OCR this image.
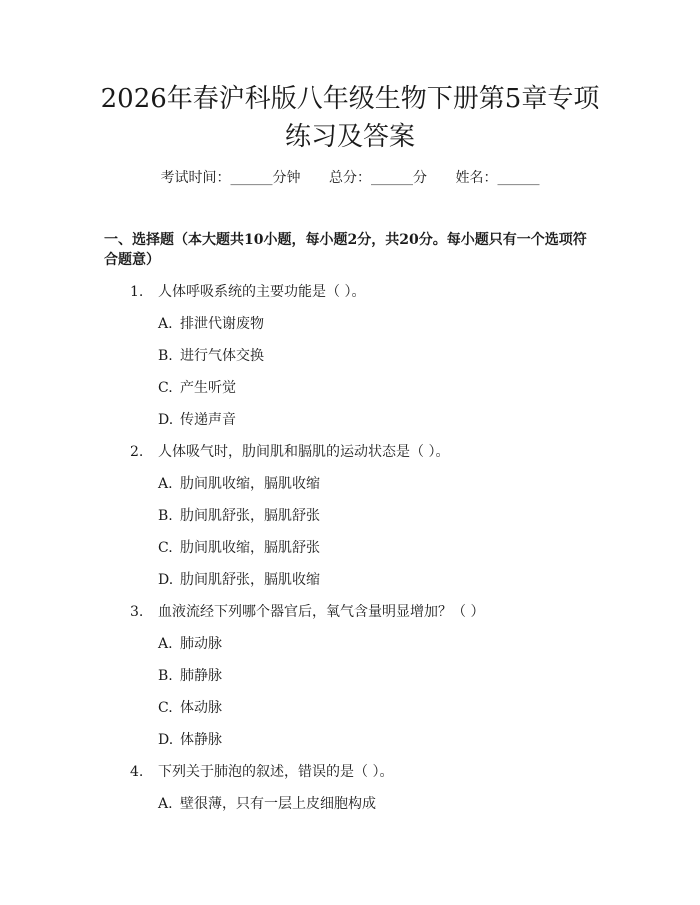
2026年春沪科版八年级生物下册第5章专项
练习及答案
考试时间：______分钟 总分：______分 姓名：______
一、选择题（本大题共10小题，每小题2分，共20分。每小题只有一个选项符
合题意）
1. 人体呼吸系统的主要功能是（ ）。
A. 排泄代谢废物
B. 进行气体交换
C. 产生听觉
D. 传递声音
2. 人体吸气时，肋间肌和膈肌的运动状态是（ ）。
A. 肋间肌收缩，膈肌收缩
B. 肋间肌舒张，膈肌舒张
C. 肋间肌收缩，膈肌舒张
D. 肋间肌舒张，膈肌收缩
3. 血液流经下列哪个器官后，氧气含量明显增加？（ ）
A. 肺动脉
B. 肺静脉
C. 体动脉
D. 体静脉
4. 下列关于肺泡的叙述，错误的是（ ）。
A. 壁很薄，只有一层上皮细胞构成
